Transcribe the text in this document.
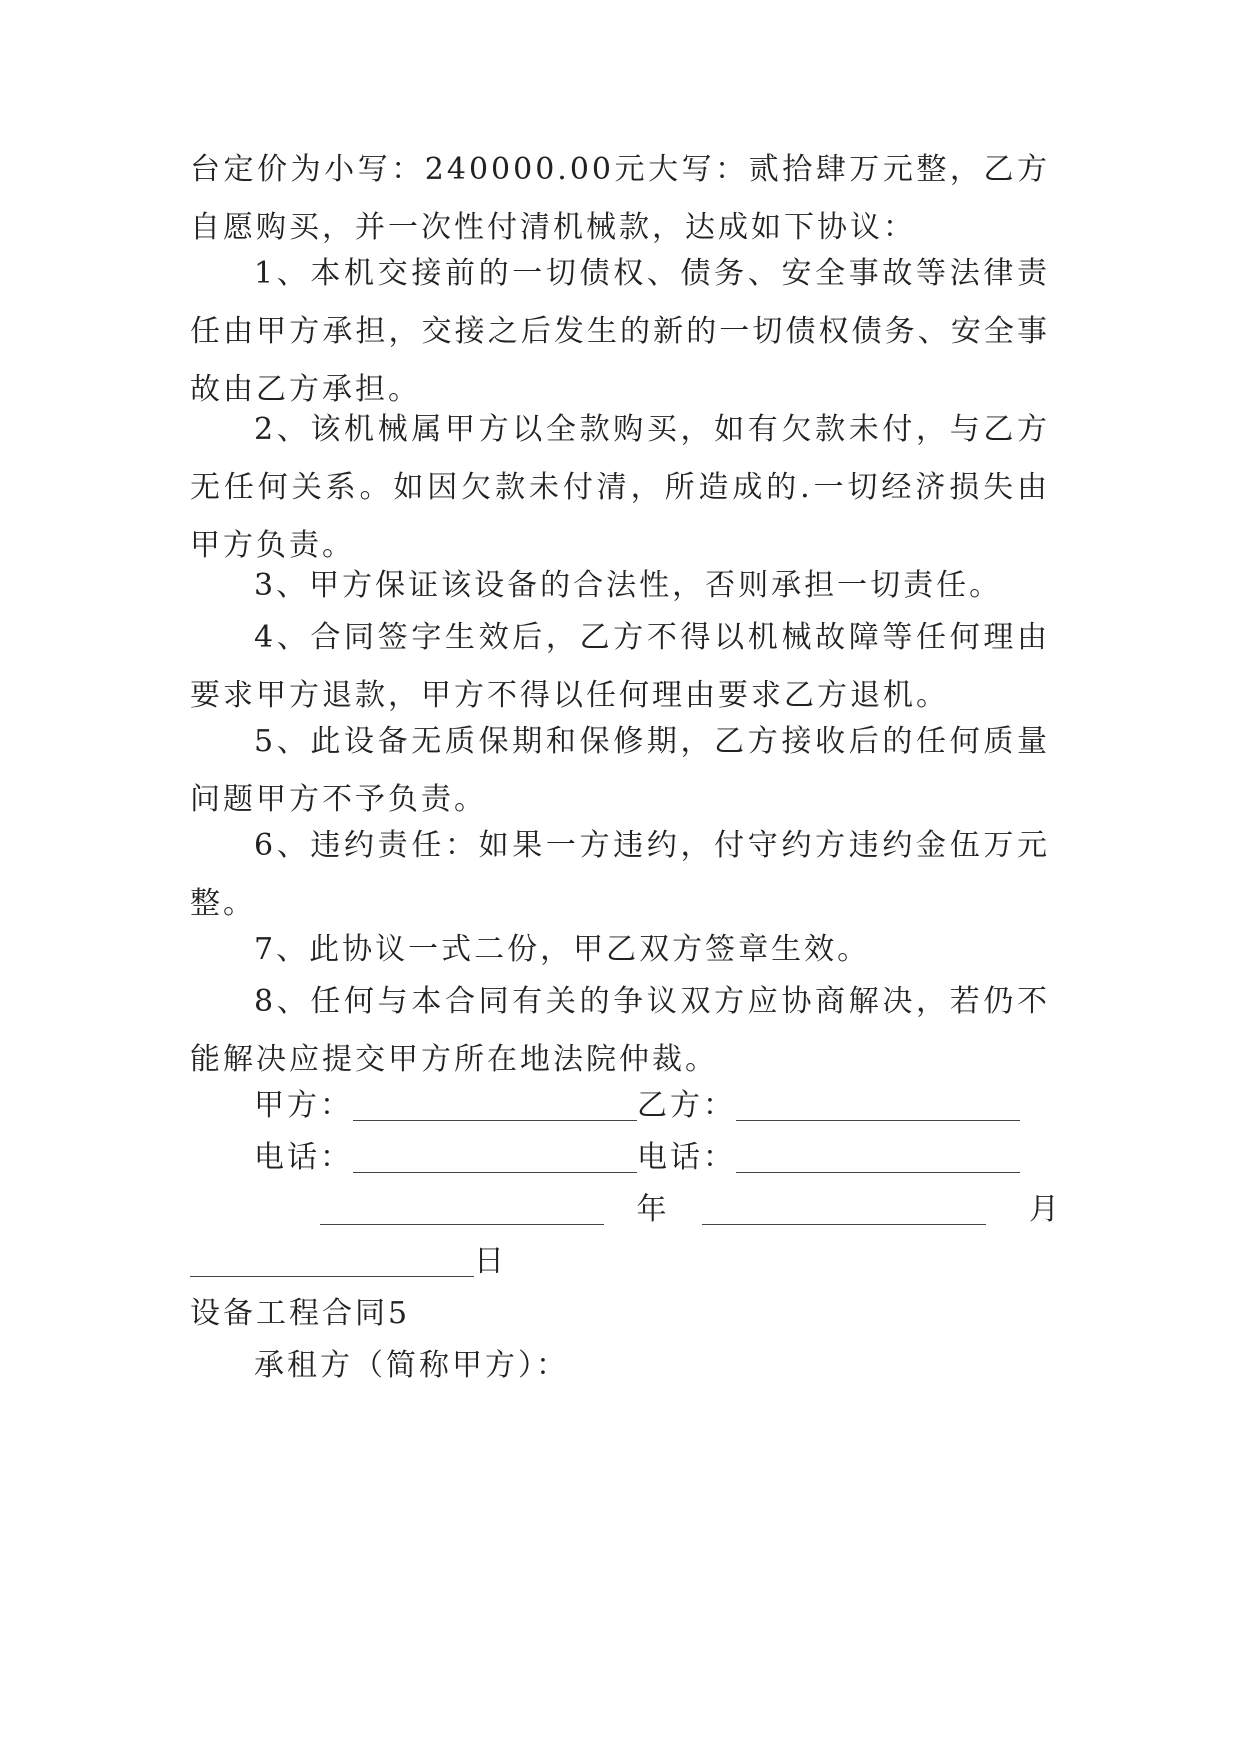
台定价为小写：240000.00元大写：贰拾肆万元整，乙方自愿购买，并一次性付清机械款，达成如下协议：

1、本机交接前的一切债权、债务、安全事故等法律责任由甲方承担，交接之后发生的新的一切债权债务、安全事故由乙方承担。

2、该机械属甲方以全款购买，如有欠款未付，与乙方无任何关系。如因欠款未付清，所造成的.一切经济损失由甲方负责。

3、甲方保证该设备的合法性，否则承担一切责任。

4、合同签字生效后，乙方不得以机械故障等任何理由要求甲方退款，甲方不得以任何理由要求乙方退机。

5、此设备无质保期和保修期，乙方接收后的任何质量问题甲方不予负责。

6、违约责任：如果一方违约，付守约方违约金伍万元整。

7、此协议一式二份，甲乙双方签章生效。

8、任何与本合同有关的争议双方应协商解决，若仍不能解决应提交甲方所在地法院仲裁。

甲方：	乙方：
电话：	电话：
年	月
日

设备工程合同5

承租方（简称甲方）：
